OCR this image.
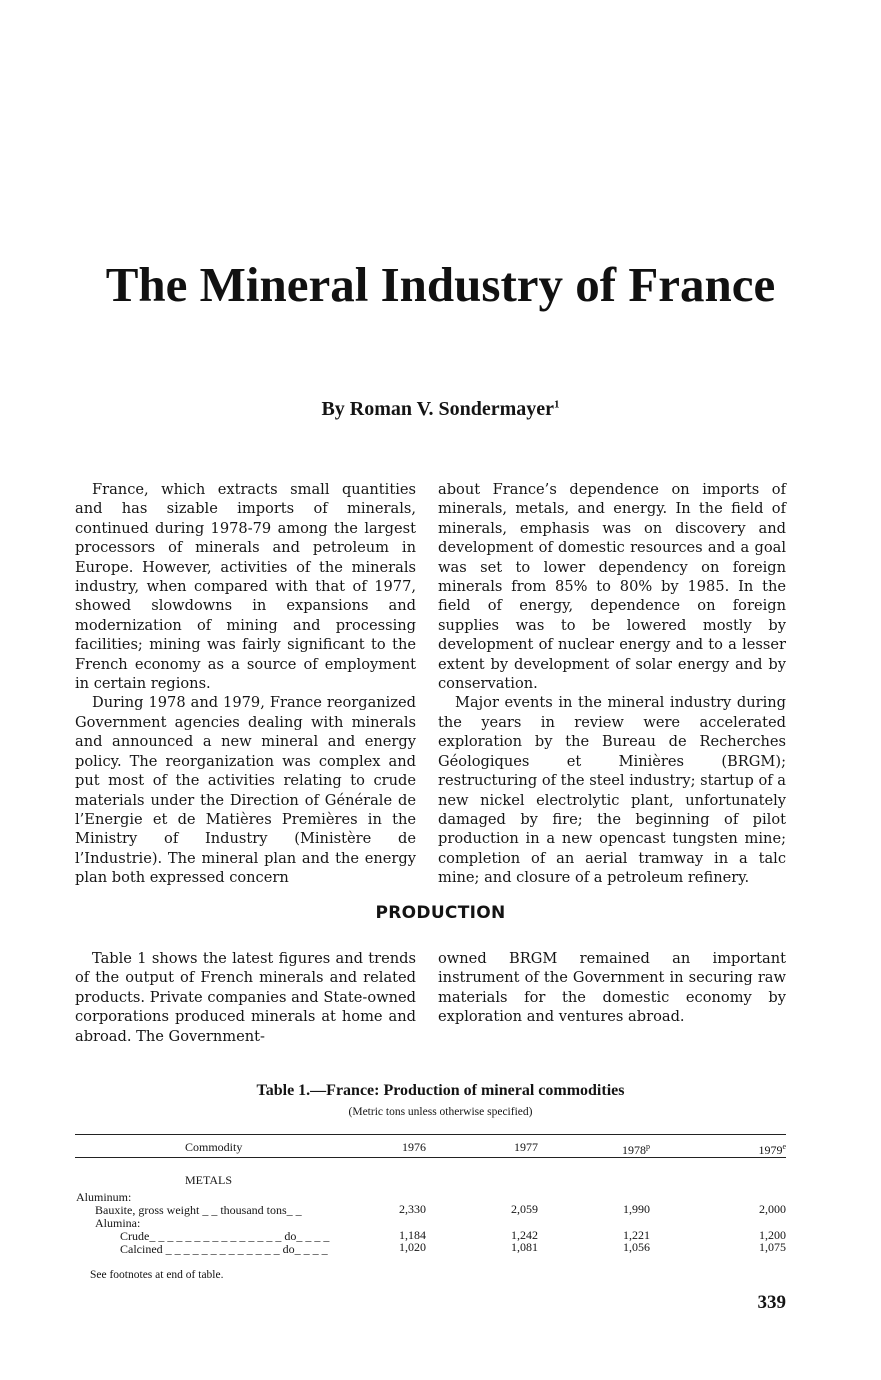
The Mineral Industry of France

By Roman V. Sondermayer$^1$

France, which extracts small quantities and has sizable imports of minerals, continued during 1978-79 among the largest processors of minerals and petroleum in Europe. However, activities of the minerals industry, when compared with that of 1977, showed slowdowns in expansions and modernization of mining and processing facilities; mining was fairly significant to the French economy as a source of employment in certain regions.

During 1978 and 1979, France reorganized Government agencies dealing with minerals and announced a new mineral and energy policy. The reorganization was complex and put most of the activities relating to crude materials under the Direction of Générale de l’Energie et de Matières Premières in the Ministry of Industry (Ministère de l’Industrie). The mineral plan and the energy plan both expressed concern

about France’s dependence on imports of minerals, metals, and energy. In the field of minerals, emphasis was on discovery and development of domestic resources and a goal was set to lower dependency on foreign minerals from 85% to 80% by 1985. In the field of energy, dependence on foreign supplies was to be lowered mostly by development of nuclear energy and to a lesser extent by development of solar energy and by conservation.

Major events in the mineral industry during the years in review were accelerated exploration by the Bureau de Recherches Géologiques et Minières (BRGM); restructuring of the steel industry; startup of a new nickel electrolytic plant, unfortunately damaged by fire; the beginning of pilot production in a new opencast tungsten mine; completion of an aerial tramway in a talc mine; and closure of a petroleum refinery.

PRODUCTION

Table 1 shows the latest figures and trends of the output of French minerals and related products. Private companies and State-owned corporations produced minerals at home and abroad. The Government-

owned BRGM remained an important instrument of the Government in securing raw materials for the domestic economy by exploration and ventures abroad.

Table 1.—France: Production of mineral commodities

(Metric tons unless otherwise specified)

Commodity	1976	1977	1978$^p$	1979e
METALS
Aluminum:
Bauxite, gross weight _ _ thousand tons_ _	2,330	2,059	1,990	2,000
Alumina:
Crude_ _ _ _ _ _ _ _ _ _ _ _ _ _ _ do_ _ _ _	1,184	1,242	1,221	1,200
Calcined _ _ _ _ _ _ _ _ _ _ _ _ _ do_ _ _ _	1,020	1,081	1,056	1,075
See footnotes at end of table.

339
